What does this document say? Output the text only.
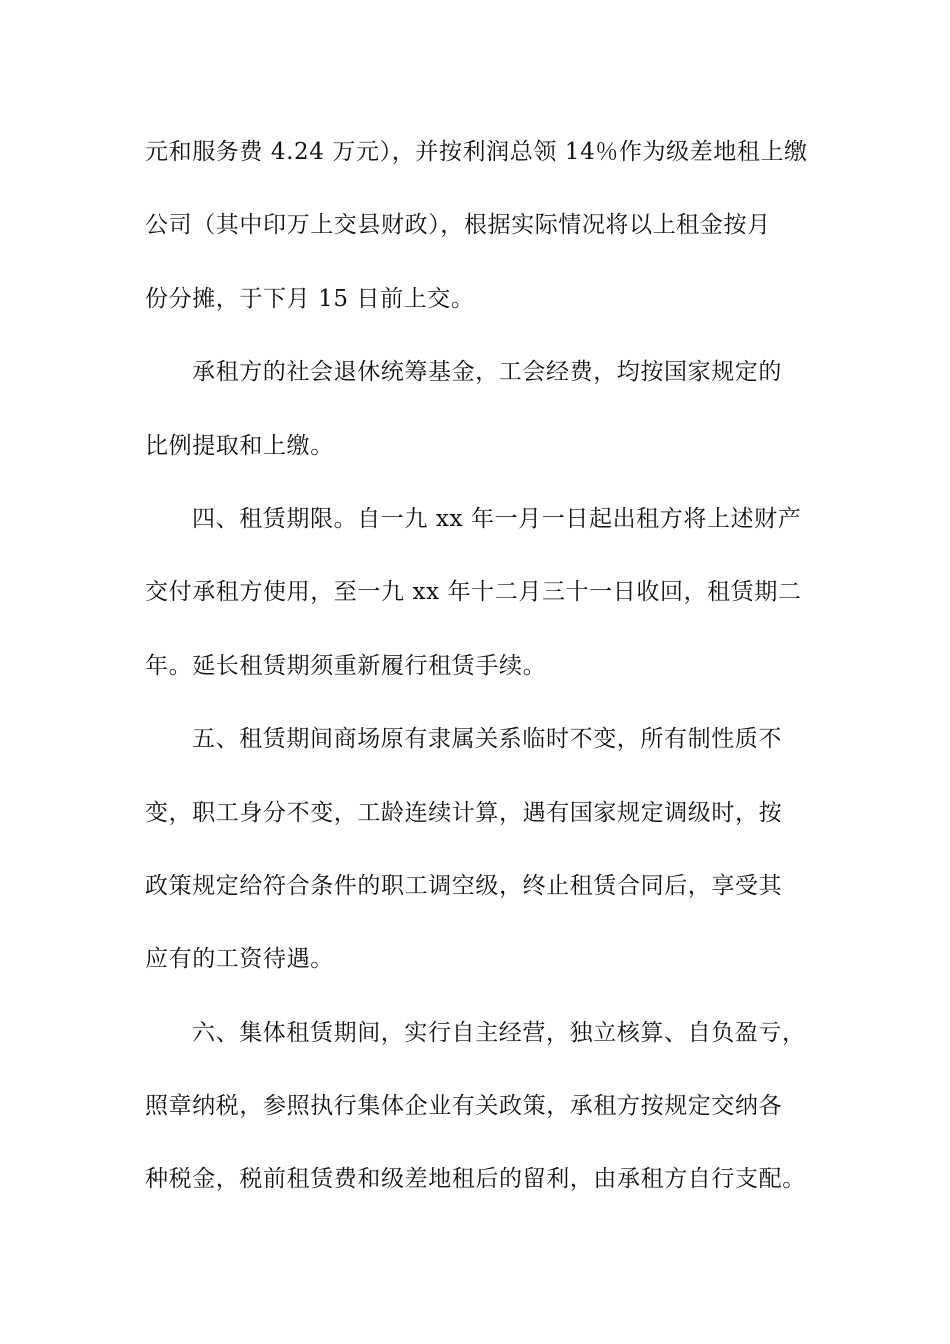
元和服务费 4.24 万元），并按利润总领 14％作为级差地租上缴
公司（其中印万上交县财政），根据实际情况将以上租金按月
份分摊，于下月 15 日前上交。
承租方的社会退休统筹基金，工会经费，均按国家规定的
比例提取和上缴。
四、租赁期限。自一九 xx 年一月一日起出租方将上述财产
交付承租方使用，至一九 xx 年十二月三十一日收回，租赁期二
年。延长租赁期须重新履行租赁手续。
五、租赁期间商场原有隶属关系临时不变，所有制性质不
变，职工身分不变，工龄连续计算，遇有国家规定调级时，按
政策规定给符合条件的职工调空级，终止租赁合同后，享受其
应有的工资待遇。
六、集体租赁期间，实行自主经营，独立核算、自负盈亏，
照章纳税，参照执行集体企业有关政策，承租方按规定交纳各
种税金，税前租赁费和级差地租后的留利，由承租方自行支配。
